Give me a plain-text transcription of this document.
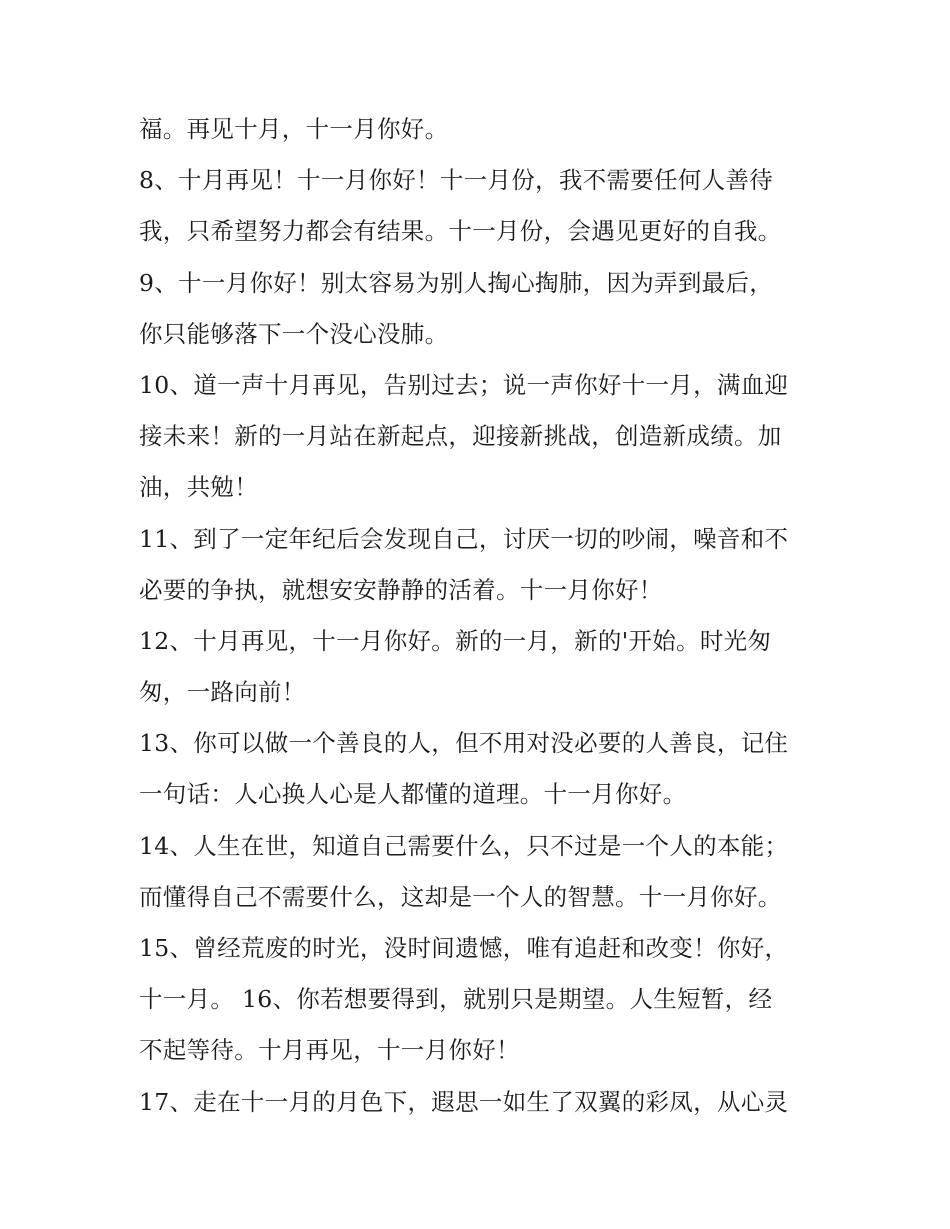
福。再见十月，十一月你好。
8、十月再见！十一月你好！十一月份，我不需要任何人善待
我，只希望努力都会有结果。十一月份，会遇见更好的自我。
9、十一月你好！别太容易为别人掏心掏肺，因为弄到最后，
你只能够落下一个没心没肺。
10、道一声十月再见，告别过去；说一声你好十一月，满血迎
接未来！新的一月站在新起点，迎接新挑战，创造新成绩。加
油，共勉！
11、到了一定年纪后会发现自己，讨厌一切的吵闹，噪音和不
必要的争执，就想安安静静的活着。十一月你好！
12、十月再见，十一月你好。新的一月，新的'开始。时光匆
匆，一路向前！
13、你可以做一个善良的人，但不用对没必要的人善良，记住
一句话：人心换人心是人都懂的道理。十一月你好。
14、人生在世，知道自己需要什么，只不过是一个人的本能；
而懂得自己不需要什么，这却是一个人的智慧。十一月你好。
15、曾经荒废的时光，没时间遗憾，唯有追赶和改变！你好，
十一月。 16、你若想要得到，就别只是期望。人生短暂，经
不起等待。十月再见，十一月你好！
17、走在十一月的月色下，遐思一如生了双翼的彩凤，从心灵
